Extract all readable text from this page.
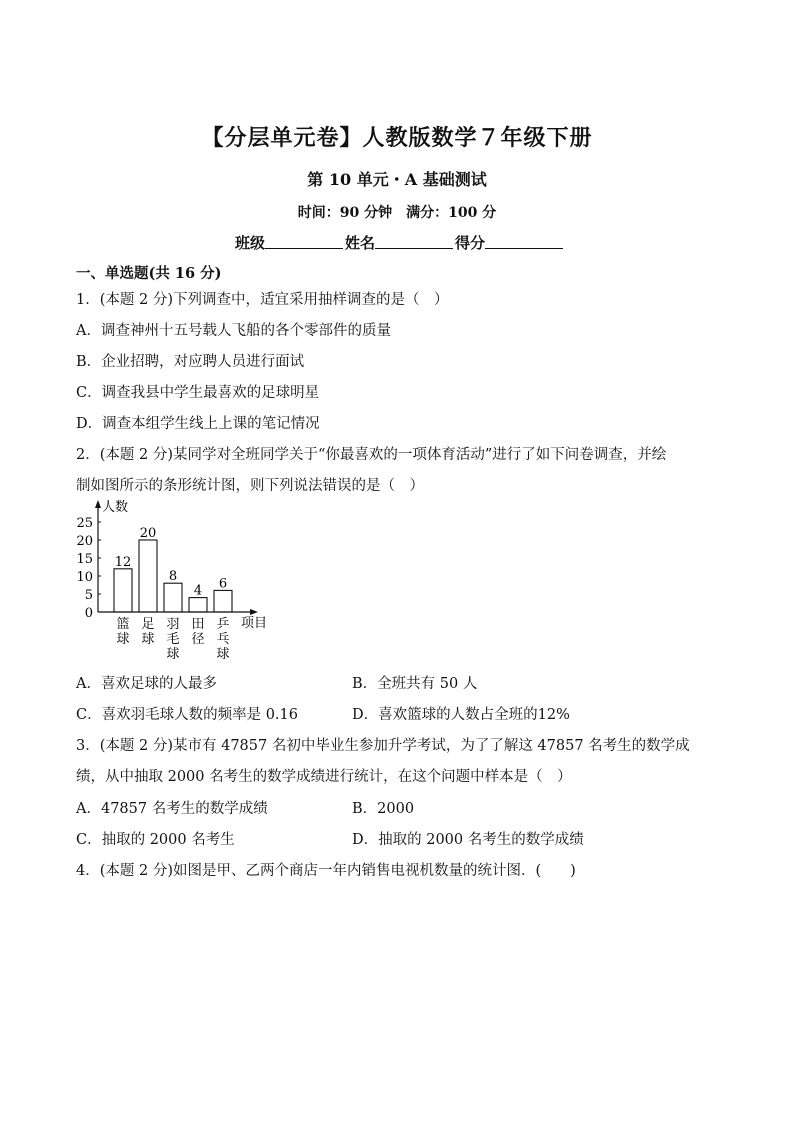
【分层单元卷】人教版数学７年级下册
第 10 单元・A 基础测试
时间：90 分钟　满分：100 分
班级	姓名	得分
一、单选题(共 16 分)
1．(本题 2 分)下列调查中，适宜采用抽样调查的是（　）
A．调查神州十五号载人飞船的各个零部件的质量
B．企业招聘，对应聘人员进行面试
C．调查我县中学生最喜欢的足球明星
D．调查本组学生线上上课的笔记情况
2．(本题 2 分)某同学对全班同学关于“你最喜欢的一项体育活动”进行了如下问卷调查，并绘
制如图所示的条形统计图，则下列说法错误的是（　）
人数
项目
0
5
10
15
20
25
12
篮
球
20
足
球
8
羽
毛
球
4
田
径
6
乒
乓
球
A．喜欢足球的人最多	B．全班共有 50 人
C．喜欢羽毛球人数的频率是 0.16	D．喜欢篮球的人数占全班的12%
3．(本题 2 分)某市有 47857 名初中毕业生参加升学考试，为了了解这 47857 名考生的数学成
绩，从中抽取 2000 名考生的数学成绩进行统计，在这个问题中样本是（　）
A．47857 名考生的数学成绩	B．2000
C．抽取的 2000 名考生	D．抽取的 2000 名考生的数学成绩
4．(本题 2 分)如图是甲、乙两个商店一年内销售电视机数量的统计图．(　　)
